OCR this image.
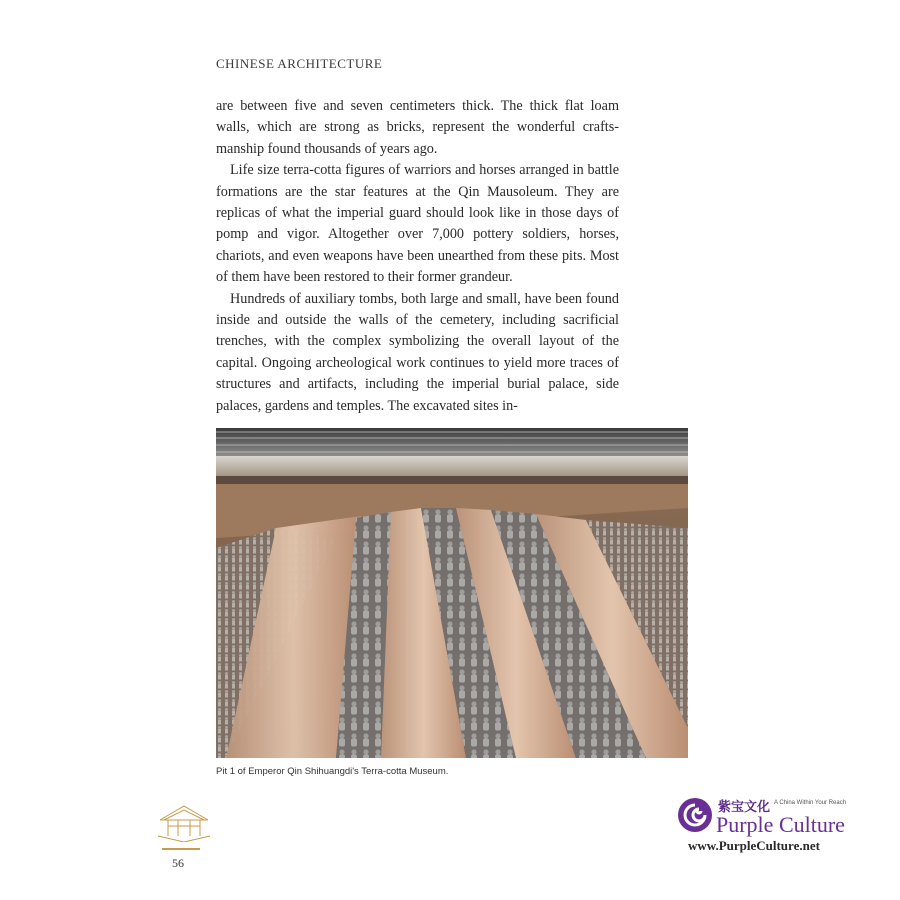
CHINESE ARCHITECTURE

are between five and seven centimeters thick. The thick flat loam walls, which are strong as bricks, represent the wonderful craftsmanship found thousands of years ago.

Life size terra-cotta figures of warriors and horses arranged in battle formations are the star features at the Qin Mausoleum. They are replicas of what the imperial guard should look like in those days of pomp and vigor. Altogether over 7,000 pottery soldiers, horses, chariots, and even weapons have been unearthed from these pits. Most of them have been restored to their former grandeur.

Hundreds of auxiliary tombs, both large and small, have been found inside and outside the walls of the cemetery, including sacrificial trenches, with the complex symbolizing the overall layout of the capital. Ongoing archeological work continues to yield more traces of structures and artifacts, including the imperial burial palace, side palaces, gardens and temples. The excavated sites in-

Pit 1 of Emperor Qin Shihuangdi's Terra-cotta Museum.
56
紫宝文化 A China Within Your Reach
Purple Culture
www.PurpleCulture.net
